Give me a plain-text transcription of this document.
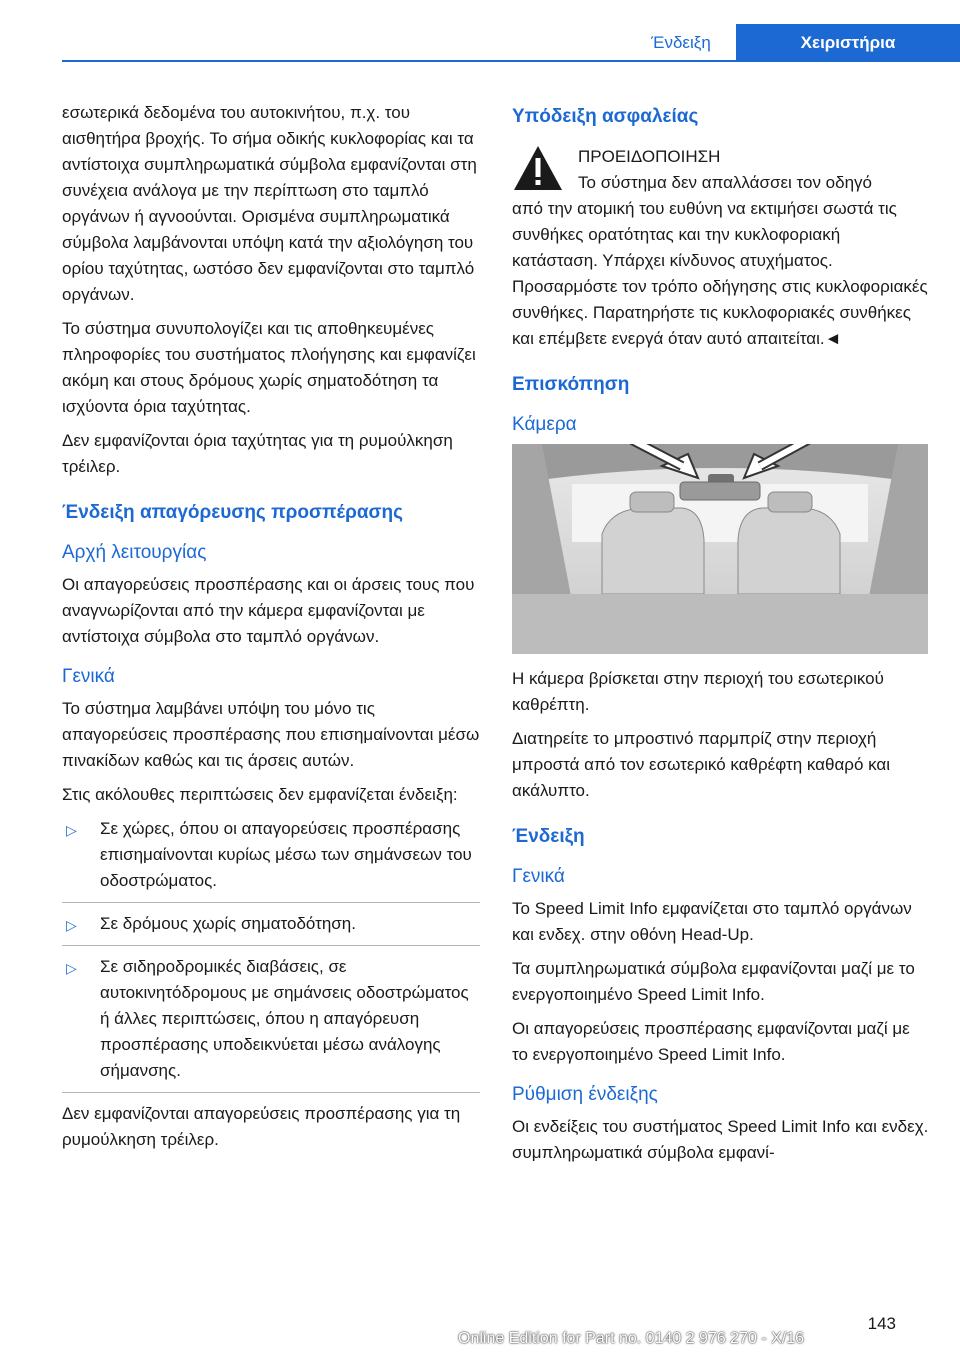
Ένδειξη	Χειριστήρια

εσωτερικά δεδομένα του αυτοκινήτου, π.χ. του αισθητήρα βροχής. Το σήμα οδικής κυκλοφορίας και τα αντίστοιχα συμπληρωματικά σύμβολα εμφανίζονται στη συνέχεια ανάλογα με την περίπτωση στο ταμπλό οργάνων ή αγνοούνται. Ορισμένα συμπληρωματικά σύμβολα λαμβάνονται υπόψη κατά την αξιολόγηση του ορίου ταχύτητας, ωστόσο δεν εμφανίζονται στο ταμπλό οργάνων.

Το σύστημα συνυπολογίζει και τις αποθηκευμένες πληροφορίες του συστήματος πλοήγησης και εμφανίζει ακόμη και στους δρόμους χωρίς σηματοδότηση τα ισχύοντα όρια ταχύτητας.

Δεν εμφανίζονται όρια ταχύτητας για τη ρυμούλκηση τρέιλερ.

Ένδειξη απαγόρευσης προσπέρασης
Αρχή λειτουργίας

Οι απαγορεύσεις προσπέρασης και οι άρσεις τους που αναγνωρίζονται από την κάμερα εμφανίζονται με αντίστοιχα σύμβολα στο ταμπλό οργάνων.

Γενικά

Το σύστημα λαμβάνει υπόψη του μόνο τις απαγορεύσεις προσπέρασης που επισημαίνονται μέσω πινακίδων καθώς και τις άρσεις αυτών.

Στις ακόλουθες περιπτώσεις δεν εμφανίζεται ένδειξη:

▷ Σε χώρες, όπου οι απαγορεύσεις προσπέρασης επισημαίνονται κυρίως μέσω των σημάνσεων του οδοστρώματος.
▷ Σε δρόμους χωρίς σηματοδότηση.
▷ Σε σιδηροδρομικές διαβάσεις, σε αυτοκινητόδρομους με σημάνσεις οδοστρώματος ή άλλες περιπτώσεις, όπου η απαγόρευση προσπέρασης υποδεικνύεται μέσω ανάλογης σήμανσης.

Δεν εμφανίζονται απαγορεύσεις προσπέρασης για τη ρυμούλκηση τρέιλερ.

Υπόδειξη ασφαλείας
ΠΡΟΕΙΔΟΠΟΙΗΣΗ
Το σύστημα δεν απαλλάσσει τον οδηγό

από την ατομική του ευθύνη να εκτιμήσει σωστά τις συνθήκες ορατότητας και την κυκλοφοριακή κατάσταση. Υπάρχει κίνδυνος ατυχήματος. Προσαρμόστε τον τρόπο οδήγησης στις κυκλοφοριακές συνθήκες. Παρατηρήστε τις κυκλοφοριακές συνθήκες και επέμβετε ενεργά όταν αυτό απαιτείται.◄

Επισκόπηση
Κάμερα

Η κάμερα βρίσκεται στην περιοχή του εσωτερικού καθρέπτη.

Διατηρείτε το μπροστινό παρμπρίζ στην περιοχή μπροστά από τον εσωτερικό καθρέφτη καθαρό και ακάλυπτο.

Ένδειξη
Γενικά

Το Speed Limit Info εμφανίζεται στο ταμπλό οργάνων και ενδεχ. στην οθόνη Head-Up.

Τα συμπληρωματικά σύμβολα εμφανίζονται μαζί με το ενεργοποιημένο Speed Limit Info.

Οι απαγορεύσεις προσπέρασης εμφανίζονται μαζί με το ενεργοποιημένο Speed Limit Info.

Ρύθμιση ένδειξης

Οι ενδείξεις του συστήματος Speed Limit Info και ενδεχ. συμπληρωματικά σύμβολα εμφανί-

143
Online Edition for Part no. 0140 2 976 270 - X/16
